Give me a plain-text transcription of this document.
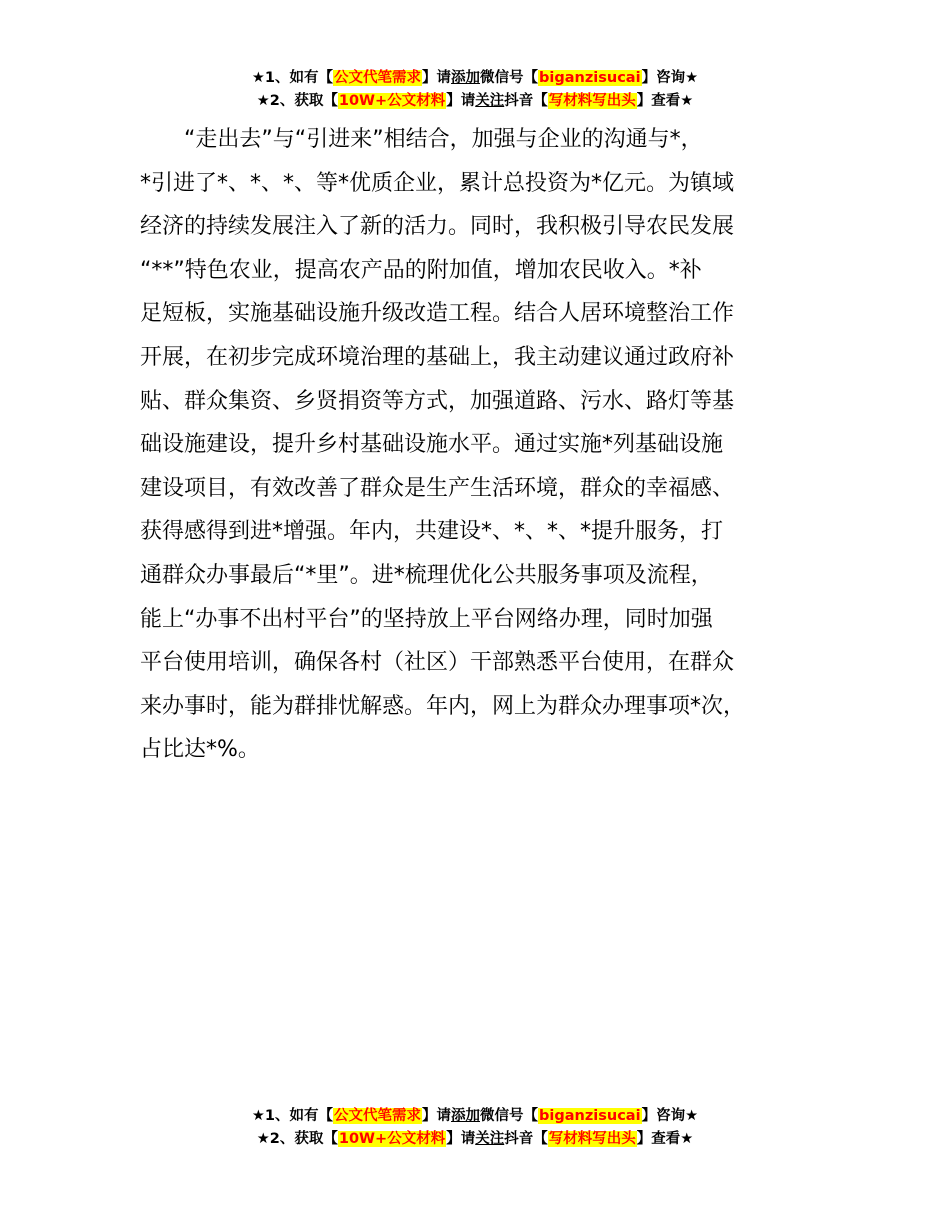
★1、如有【公文代笔需求】请添加微信号【biganzisucai】咨询★
★2、获取【10W+公文材料】请关注抖音【写材料写出头】查看★
“走出去”与“引进来”相结合，加强与企业的沟通与*，
*引进了*、*、*、等*优质企业，累计总投资为*亿元。为镇域
经济的持续发展注入了新的活力。同时，我积极引导农民发展
“**”特色农业，提高农产品的附加值，增加农民收入。*补
足短板，实施基础设施升级改造工程。结合人居环境整治工作
开展，在初步完成环境治理的基础上，我主动建议通过政府补
贴、群众集资、乡贤捐资等方式，加强道路、污水、路灯等基
础设施建设，提升乡村基础设施水平。通过实施*列基础设施
建设项目，有效改善了群众是生产生活环境，群众的幸福感、
获得感得到进*增强。年内，共建设*、*、*、*提升服务，打
通群众办事最后“*里”。进*梳理优化公共服务事项及流程，
能上“办事不出村平台”的坚持放上平台网络办理，同时加强
平台使用培训，确保各村（社区）干部熟悉平台使用，在群众
来办事时，能为群排忧解惑。年内，网上为群众办理事项*次，
占比达*%。
★1、如有【公文代笔需求】请添加微信号【biganzisucai】咨询★
★2、获取【10W+公文材料】请关注抖音【写材料写出头】查看★
